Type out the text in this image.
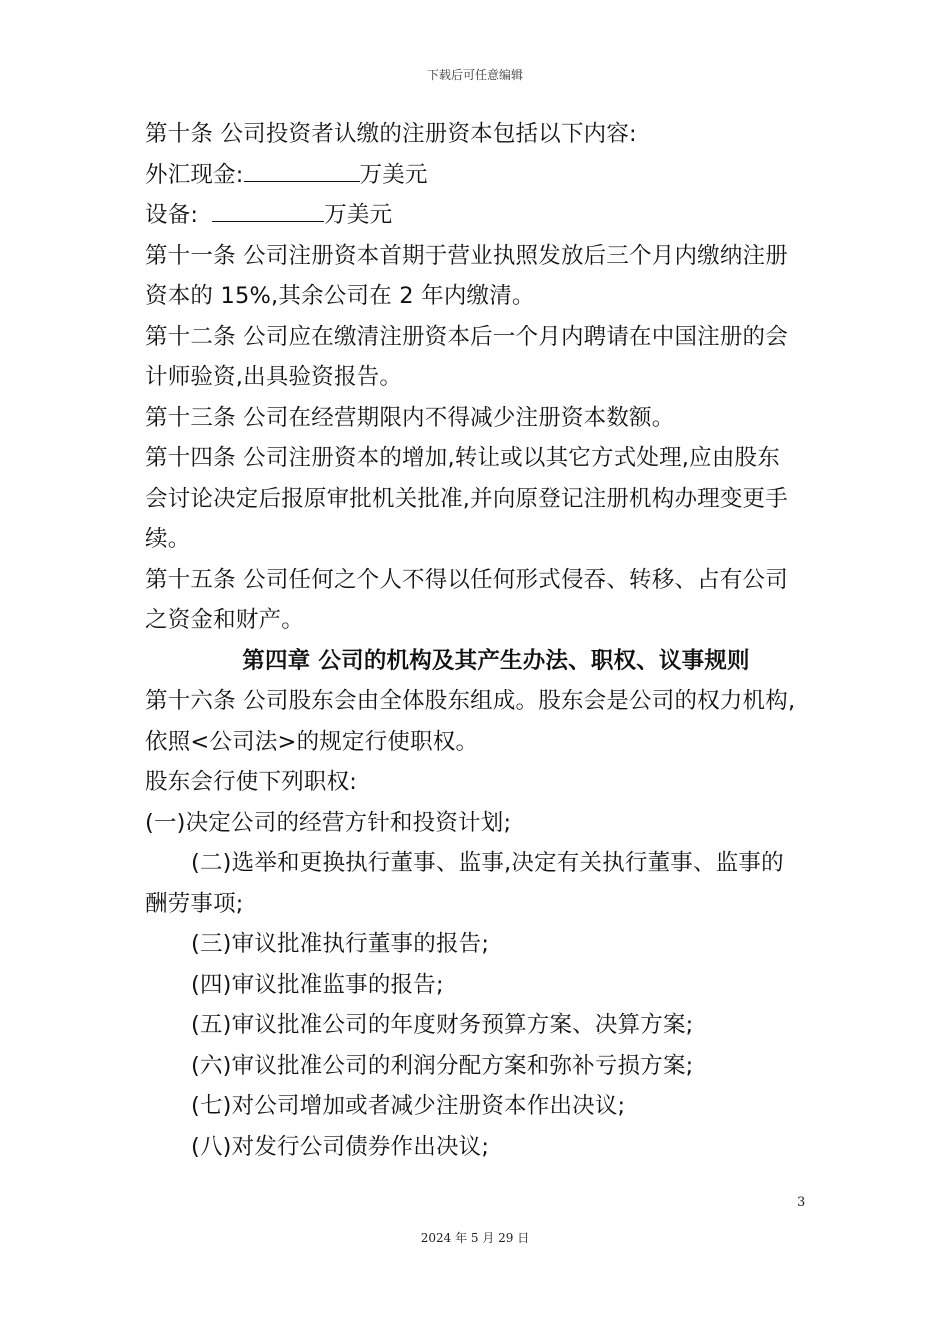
下载后可任意编辑
第十条 公司投资者认缴的注册资本包括以下内容:
外汇现金:	万美元
设备:	万美元
第十一条 公司注册资本首期于营业执照发放后三个月内缴纳注册
资本的 15%,其余公司在 2 年内缴清。
第十二条 公司应在缴清注册资本后一个月内聘请在中国注册的会
计师验资,出具验资报告。
第十三条 公司在经营期限内不得减少注册资本数额。
第十四条 公司注册资本的增加,转让或以其它方式处理,应由股东
会讨论决定后报原审批机关批准,并向原登记注册机构办理变更手
续。
第十五条 公司任何之个人不得以任何形式侵吞、转移、占有公司
之资金和财产。
第四章 公司的机构及其产生办法、职权、议事规则
第十六条 公司股东会由全体股东组成。股东会是公司的权力机构,
依照<公司法>的规定行使职权。
股东会行使下列职权:
(一)决定公司的经营方针和投资计划;
(二)选举和更换执行董事、监事,决定有关执行董事、监事的
酬劳事项;
(三)审议批准执行董事的报告;
(四)审议批准监事的报告;
(五)审议批准公司的年度财务预算方案、决算方案;
(六)审议批准公司的利润分配方案和弥补亏损方案;
(七)对公司增加或者减少注册资本作出决议;
(八)对发行公司债券作出决议;
3
2024 年 5 月 29 日
